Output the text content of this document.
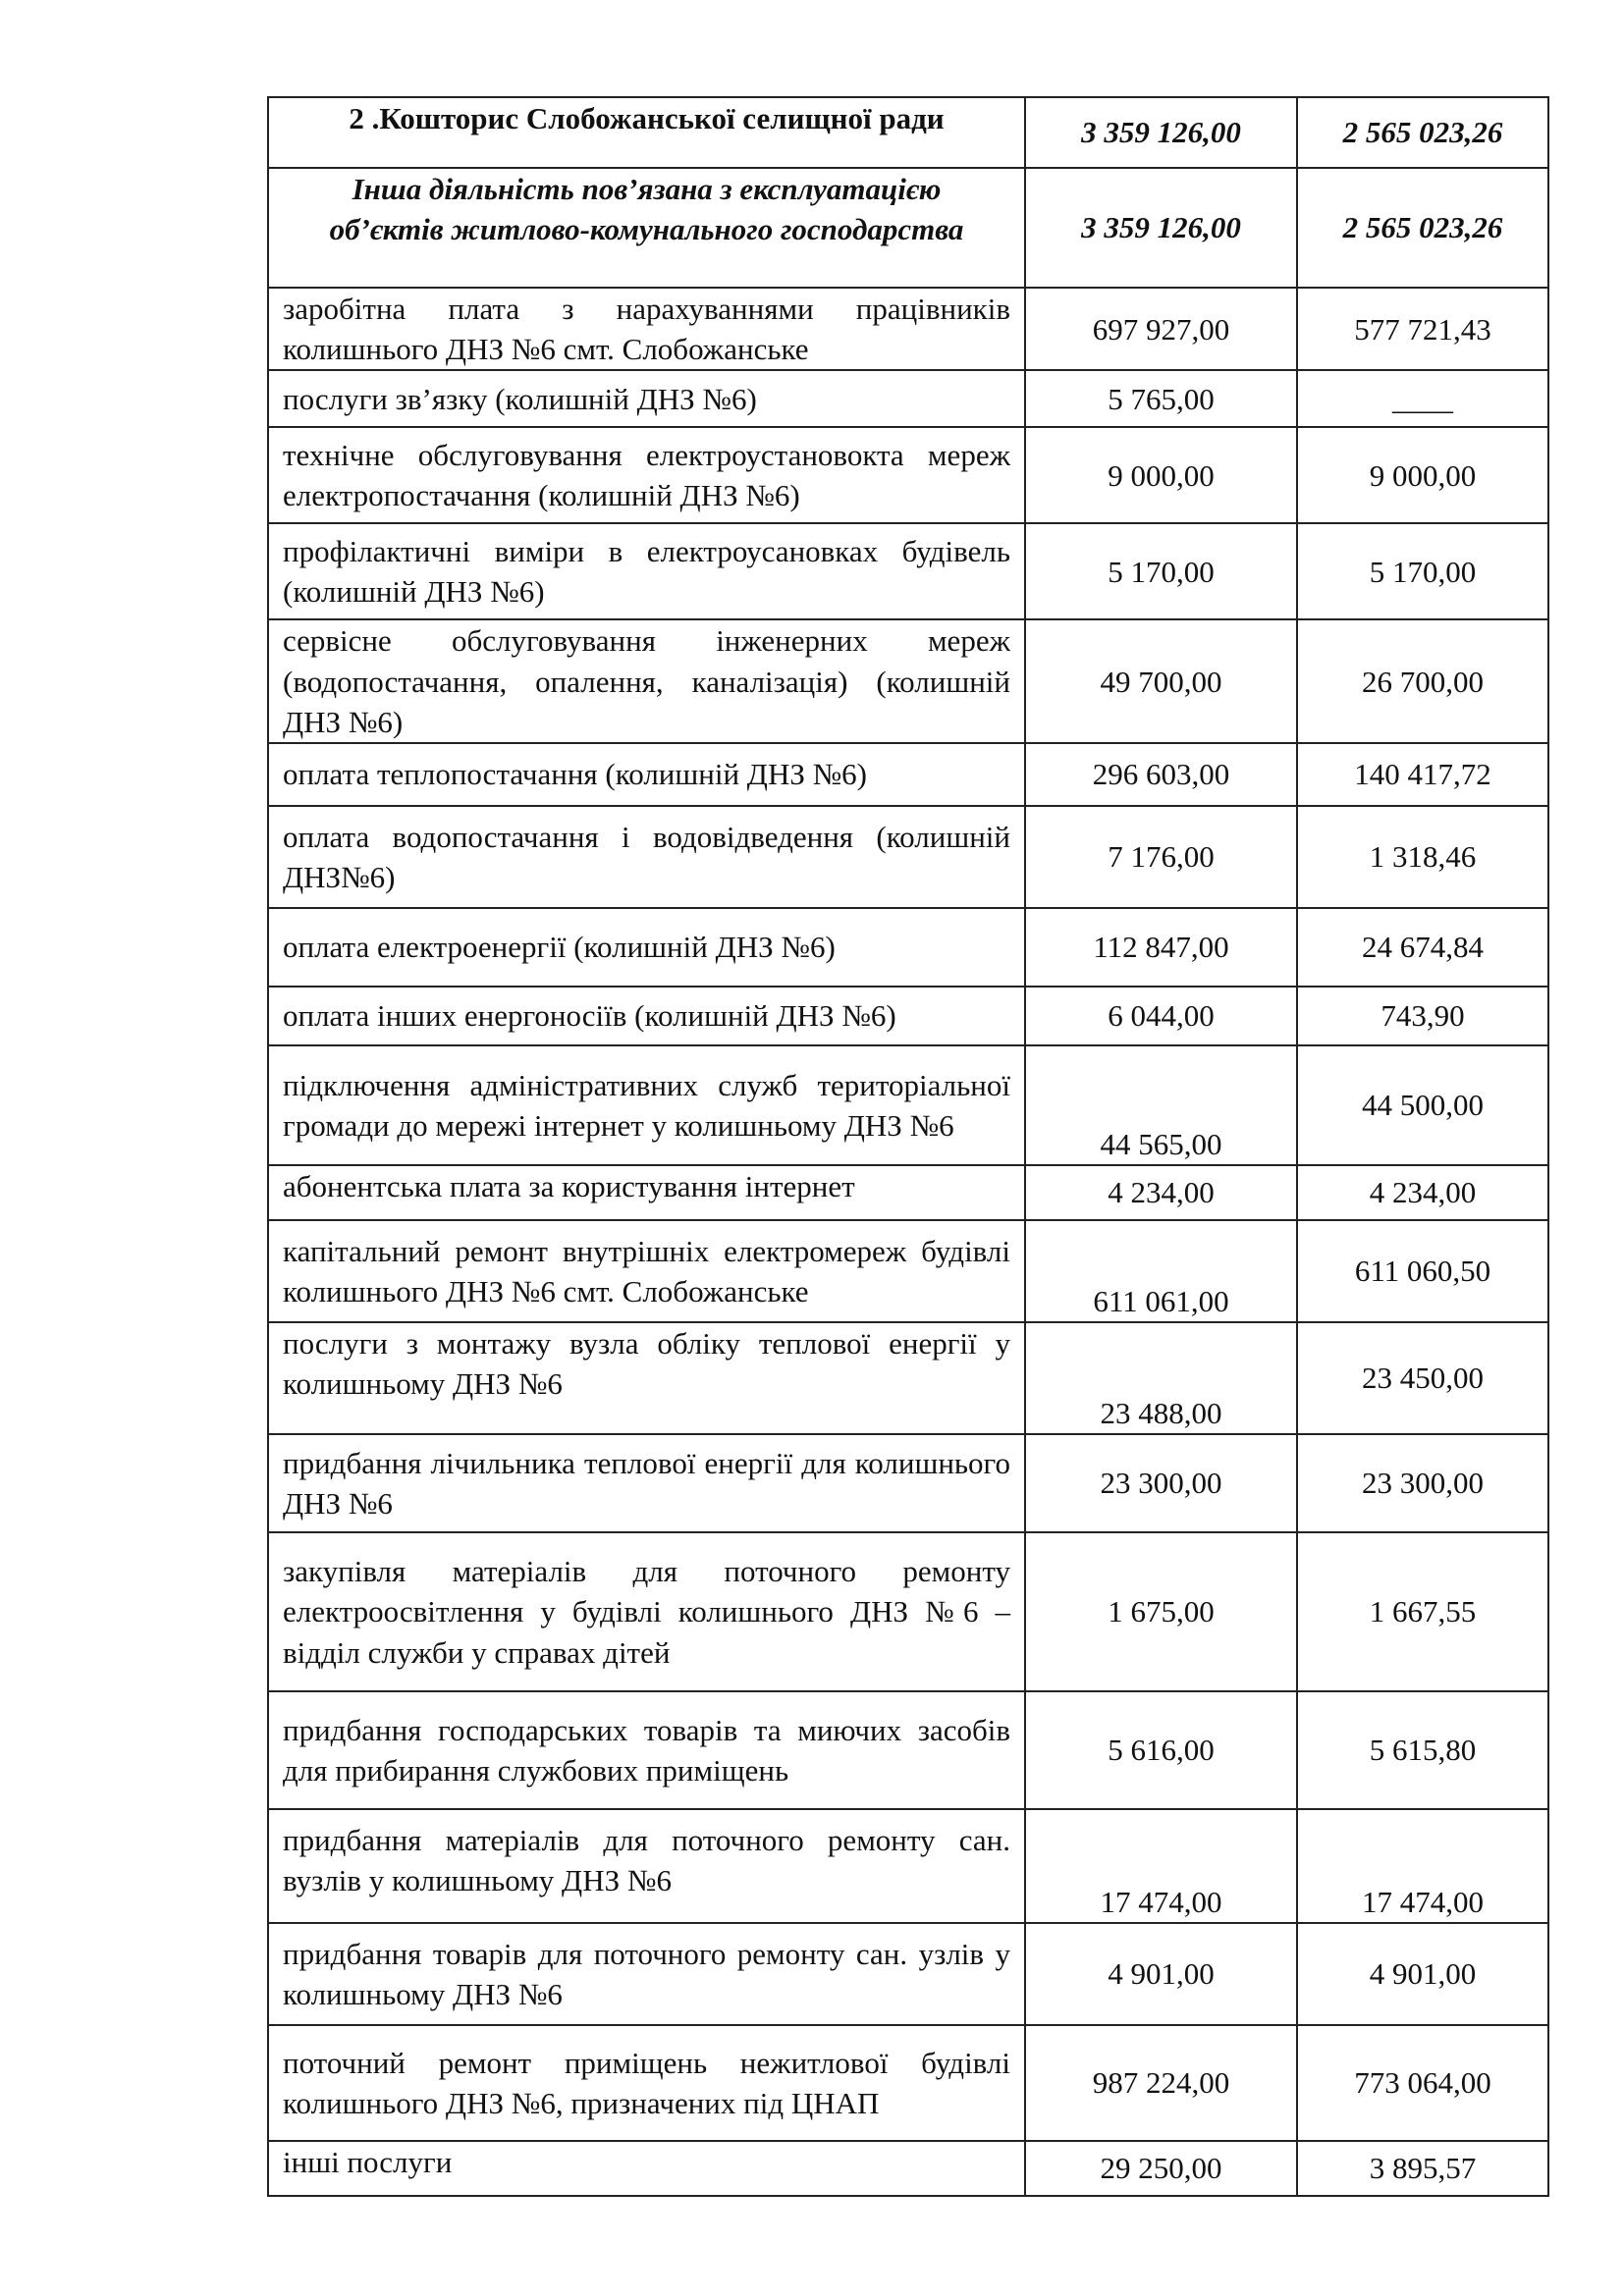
2 .Кошторис Слобожанської селищної ради	3 359 126,00	2 565 023,26
Інша діяльність пов’язана з експлуатацією об’єктів житлово-комунального господарства	3 359 126,00	2 565 023,26
заробітна плата з нарахуваннями працівників колишнього ДНЗ №6 смт. Слобожанське	697 927,00	577 721,43
послуги зв’язку (колишній ДНЗ №6)	5 765,00	____
технічне обслуговування електроустановокта мереж електропостачання (колишній ДНЗ №6)	9 000,00	9 000,00
профілактичні виміри в електроусановках будівель (колишній ДНЗ №6)	5 170,00	5 170,00
сервісне обслуговування інженерних мереж (водопостачання, опалення, каналізація) (колишній ДНЗ №6)	49 700,00	26 700,00
оплата теплопостачання (колишній ДНЗ №6)	296 603,00	140 417,72
оплата водопостачання і водовідведення (колишній ДНЗ№6)	7 176,00	1 318,46
оплата електроенергії (колишній ДНЗ №6)	112 847,00	24 674,84
оплата інших енергоносіїв (колишній ДНЗ №6)	6 044,00	743,90
підключення адміністративних служб територіальної громади до мережі інтернет у колишньому ДНЗ №6	44 565,00	44 500,00
абонентська плата за користування інтернет	4 234,00	4 234,00
капітальний ремонт внутрішніх електромереж будівлі колишнього ДНЗ №6 смт. Слобожанське	611 061,00	611 060,50
послуги з монтажу вузла обліку теплової енергії у колишньому ДНЗ №6	23 488,00	23 450,00
придбання лічильника теплової енергії для колишнього ДНЗ №6	23 300,00	23 300,00
закупівля матеріалів для поточного ремонту електроосвітлення у будівлі колишнього ДНЗ №6 – відділ служби у справах дітей	1 675,00	1 667,55
придбання господарських товарів та миючих засобів для прибирання службових приміщень	5 616,00	5 615,80
придбання матеріалів для поточного ремонту сан. вузлів у колишньому ДНЗ №6	17 474,00	17 474,00
придбання товарів для поточного ремонту сан. узлів у колишньому ДНЗ №6	4 901,00	4 901,00
поточний ремонт приміщень нежитлової будівлі колишнього ДНЗ №6, призначених під ЦНАП	987 224,00	773 064,00
інші послуги	29 250,00	3 895,57
